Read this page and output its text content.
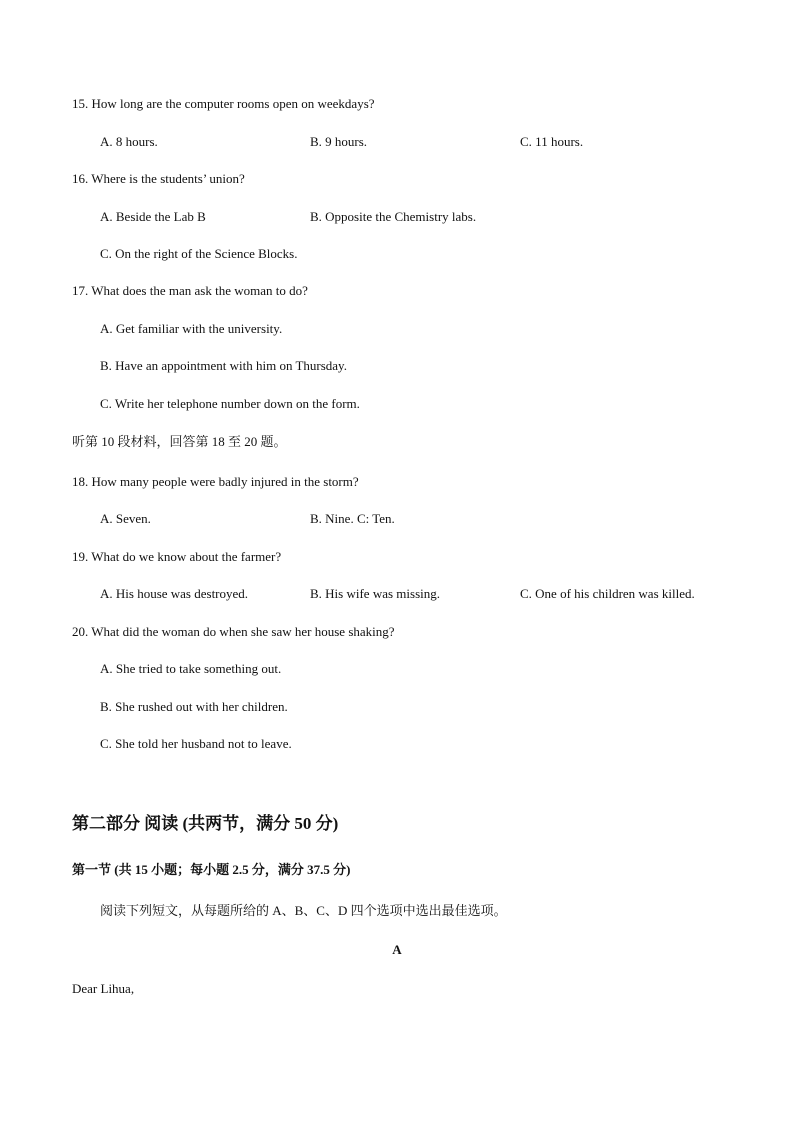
15. How long are the computer rooms open on weekdays?
A. 8 hours.	B. 9 hours.	C. 11 hours.
16. Where is the students’ union?
A. Beside the Lab B	B. Opposite the Chemistry labs.
C. On the right of the Science Blocks.
17. What does the man ask the woman to do?
A. Get familiar with the university.
B. Have an appointment with him on Thursday.
C. Write her telephone number down on the form.
听第 10 段材料，回答第 18 至 20 题。
18. How many people were badly injured in the storm?
A. Seven.	B. Nine. C: Ten.
19. What do we know about the farmer?
A. His house was destroyed.	B. His wife was missing.	C. One of his children was killed.
20. What did the woman do when she saw her house shaking?
A. She tried to take something out.
B. She rushed out with her children.
C. She told her husband not to leave.
第二部分 阅读 (共两节，满分 50 分)
第一节 (共 15 小题；每小题 2.5 分，满分 37.5 分)
阅读下列短文，从每题所给的 A、B、C、D 四个选项中选出最佳选项。
A
Dear Lihua,
